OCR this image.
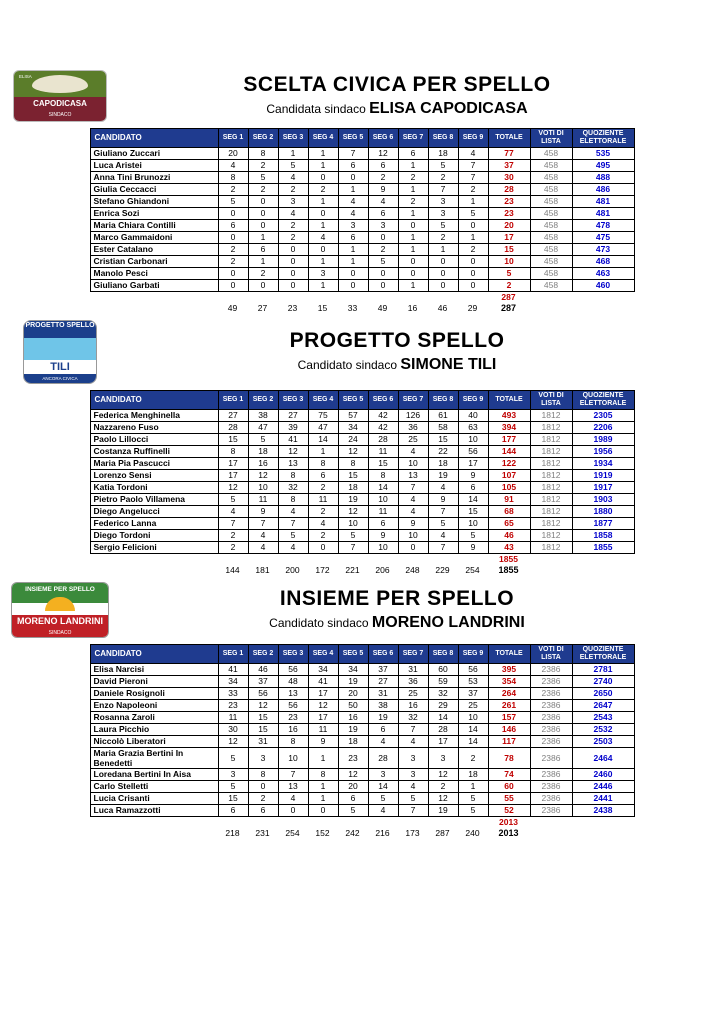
ELISA
CAPODICASA
SINDACO
SCELTA CIVICA PER SPELLO
Candidata sindaco ELISA CAPODICASA
CANDIDATO	SEG 1	SEG 2	SEG 3	SEG 4	SEG 5	SEG 6	SEG 7	SEG 8	SEG 9	TOTALE	VOTI DI LISTA	QUOZIENTE ELETTORALE
Giuliano Zuccari	20	8	1	1	7	12	6	18	4	77	458	535
Luca Aristei	4	2	5	1	6	6	1	5	7	37	458	495
Anna Tini Brunozzi	8	5	4	0	0	2	2	2	7	30	458	488
Giulia Ceccacci	2	2	2	2	1	9	1	7	2	28	458	486
Stefano Ghiandoni	5	0	3	1	4	4	2	3	1	23	458	481
Enrica Sozi	0	0	4	0	4	6	1	3	5	23	458	481
Maria Chiara Contilli	6	0	2	1	3	3	0	5	0	20	458	478
Marco Gammaidoni	0	1	2	4	6	0	1	2	1	17	458	475
Ester Catalano	2	6	0	0	1	2	1	1	2	15	458	473
Cristian Carbonari	2	1	0	1	1	5	0	0	0	10	458	468
Manolo Pesci	0	2	0	3	0	0	0	0	0	5	458	463
Giuliano Garbati	0	0	0	1	0	0	1	0	0	2	458	460
287
49	27	23	15	33	49	16	46	29	287
PROGETTO SPELLO
TILI
ANCORA CIVICA
PROGETTO SPELLO
Candidato sindaco SIMONE TILI
CANDIDATO	SEG 1	SEG 2	SEG 3	SEG 4	SEG 5	SEG 6	SEG 7	SEG 8	SEG 9	TOTALE	VOTI DI LISTA	QUOZIENTE ELETTORALE
Federica Menghinella	27	38	27	75	57	42	126	61	40	493	1812	2305
Nazzareno Fuso	28	47	39	47	34	42	36	58	63	394	1812	2206
Paolo Lillocci	15	5	41	14	24	28	25	15	10	177	1812	1989
Costanza Ruffinelli	8	18	12	1	12	11	4	22	56	144	1812	1956
Maria Pia Pascucci	17	16	13	8	8	15	10	18	17	122	1812	1934
Lorenzo Sensi	17	12	8	6	15	8	13	19	9	107	1812	1919
Katia Tordoni	12	10	32	2	18	14	7	4	6	105	1812	1917
Pietro Paolo Villamena	5	11	8	11	19	10	4	9	14	91	1812	1903
Diego Angelucci	4	9	4	2	12	11	4	7	15	68	1812	1880
Federico Lanna	7	7	7	4	10	6	9	5	10	65	1812	1877
Diego Tordoni	2	4	5	2	5	9	10	4	5	46	1812	1858
Sergio Felicioni	2	4	4	0	7	10	0	7	9	43	1812	1855
1855
144	181	200	172	221	206	248	229	254	1855
INSIEME PER SPELLO
MORENO LANDRINI
SINDACO
INSIEME PER SPELLO
Candidato sindaco MORENO LANDRINI
CANDIDATO	SEG 1	SEG 2	SEG 3	SEG 4	SEG 5	SEG 6	SEG 7	SEG 8	SEG 9	TOTALE	VOTI DI LISTA	QUOZIENTE ELETTORALE
Elisa Narcisi	41	46	56	34	34	37	31	60	56	395	2386	2781
David Pieroni	34	37	48	41	19	27	36	59	53	354	2386	2740
Daniele Rosignoli	33	56	13	17	20	31	25	32	37	264	2386	2650
Enzo Napoleoni	23	12	56	12	50	38	16	29	25	261	2386	2647
Rosanna Zaroli	11	15	23	17	16	19	32	14	10	157	2386	2543
Laura Picchio	30	15	16	11	19	6	7	28	14	146	2386	2532
Niccolò Liberatori	12	31	8	9	18	4	4	17	14	117	2386	2503
Maria Grazia Bertini In Benedetti	5	3	10	1	23	28	3	3	2	78	2386	2464
Loredana Bertini In Aisa	3	8	7	8	12	3	3	12	18	74	2386	2460
Carlo Stelletti	5	0	13	1	20	14	4	2	1	60	2386	2446
Lucia Crisanti	15	2	4	1	6	5	5	12	5	55	2386	2441
Luca Ramazzotti	6	6	0	0	5	4	7	19	5	52	2386	2438
2013
218	231	254	152	242	216	173	287	240	2013
